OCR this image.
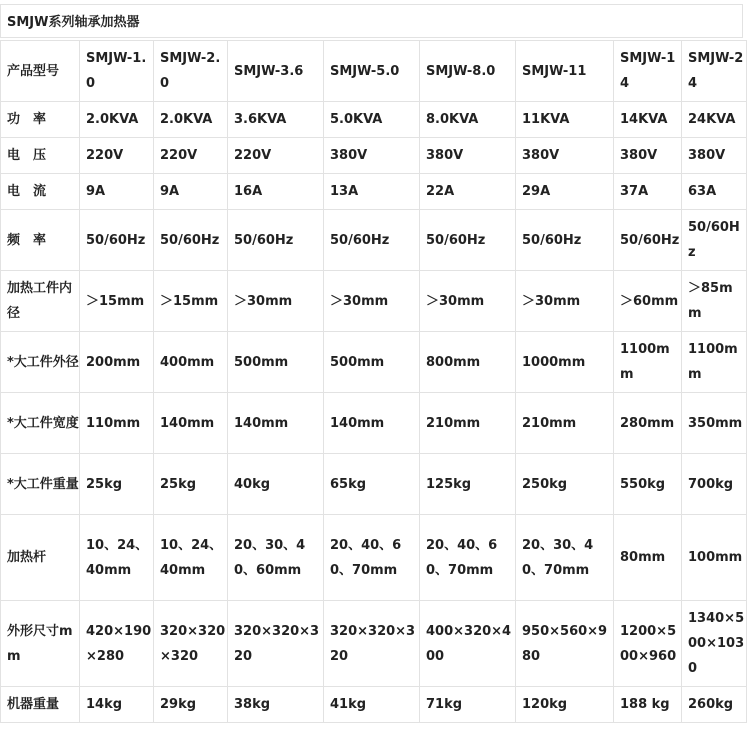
SMJW系列轴承加热器
产品型号	SMJW-1.0	SMJW-2.0	SMJW-3.6	SMJW-5.0	SMJW-8.0	SMJW-11	SMJW-14	SMJW-24
功　率	2.0KVA	2.0KVA	3.6KVA	5.0KVA	8.0KVA	11KVA	14KVA	24KVA
电　压	220V	220V	220V	380V	380V	380V	380V	380V
电　流	9A	9A	16A	13A	22A	29A	37A	63A
频　率	50/60Hz	50/60Hz	50/60Hz	50/60Hz	50/60Hz	50/60Hz	50/60Hz	50/60Hz
加热工件内径	＞15mm	＞15mm	＞30mm	＞30mm	＞30mm	＞30mm	＞60mm	＞85mm
*大工件外径	200mm	400mm	500mm	500mm	800mm	1000mm	1100mm	1100mm
*大工件宽度	110mm	140mm	140mm	140mm	210mm	210mm	280mm	350mm
*大工件重量	25kg	25kg	40kg	65kg	125kg	250kg	550kg	700kg
加热杆	10、24、40mm	10、24、40mm	20、30、40、60mm	20、40、60、70mm	20、40、60、70mm	20、30、40、70mm	80mm	100mm
外形尺寸mm	420×190×280	320×320×320	320×320×320	320×320×320	400×320×400	950×560×980	1200×500×960	1340×500×1030
机器重量	14kg	29kg	38kg	41kg	71kg	120kg	188 kg	260kg
